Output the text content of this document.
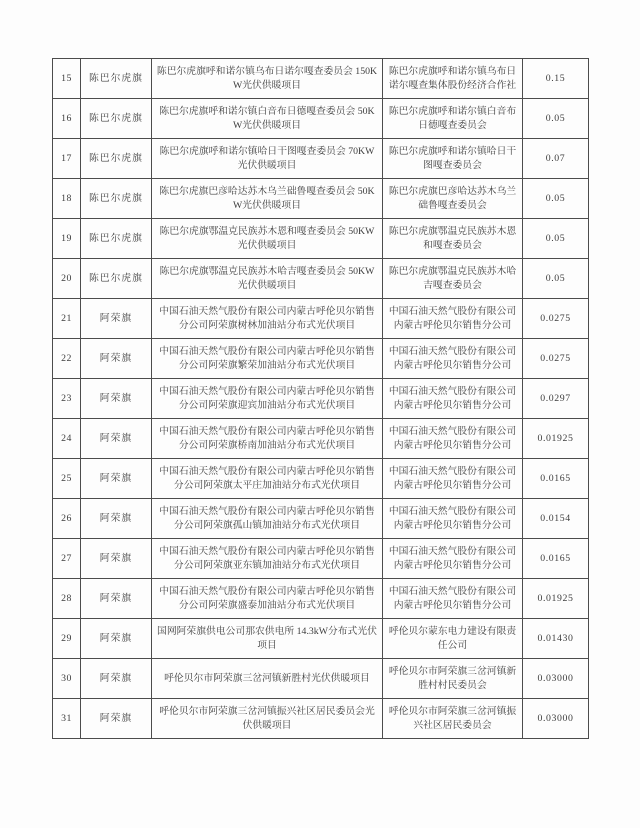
15	陈巴尔虎旗	陈巴尔虎旗呼和诺尔镇乌布日诺尔嘎查委员会 150KW光伏供暖项目	陈巴尔虎旗呼和诺尔镇乌布日诺尔嘎查集体股份经济合作社	0.15
16	陈巴尔虎旗	陈巴尔虎旗呼和诺尔镇白音布日德嘎查委员会 50KW光伏供暖项目	陈巴尔虎旗呼和诺尔镇白音布日德嘎查委员会	0.05
17	陈巴尔虎旗	陈巴尔虎旗呼和诺尔镇哈日干图嘎查委员会 70KW光伏供暖项目	陈巴尔虎旗呼和诺尔镇哈日干图嘎查委员会	0.07
18	陈巴尔虎旗	陈巴尔虎旗巴彦哈达苏木乌兰础鲁嘎查委员会 50KW光伏供暖项目	陈巴尔虎旗巴彦哈达苏木乌兰础鲁嘎查委员会	0.05
19	陈巴尔虎旗	陈巴尔虎旗鄂温克民族苏木恩和嘎查委员会 50KW光伏供暖项目	陈巴尔虎旗鄂温克民族苏木恩和嘎查委员会	0.05
20	陈巴尔虎旗	陈巴尔虎旗鄂温克民族苏木哈吉嘎查委员会 50KW光伏供暖项目	陈巴尔虎旗鄂温克民族苏木哈吉嘎查委员会	0.05
21	阿荣旗	中国石油天然气股份有限公司内蒙古呼伦贝尔销售分公司阿荣旗树林加油站分布式光伏项目	中国石油天然气股份有限公司内蒙古呼伦贝尔销售分公司	0.0275
22	阿荣旗	中国石油天然气股份有限公司内蒙古呼伦贝尔销售分公司阿荣旗繁荣加油站分布式光伏项目	中国石油天然气股份有限公司内蒙古呼伦贝尔销售分公司	0.0275
23	阿荣旗	中国石油天然气股份有限公司内蒙古呼伦贝尔销售分公司阿荣旗迎宾加油站分布式光伏项目	中国石油天然气股份有限公司内蒙古呼伦贝尔销售分公司	0.0297
24	阿荣旗	中国石油天然气股份有限公司内蒙古呼伦贝尔销售分公司阿荣旗桥南加油站分布式光伏项目	中国石油天然气股份有限公司内蒙古呼伦贝尔销售分公司	0.01925
25	阿荣旗	中国石油天然气股份有限公司内蒙古呼伦贝尔销售分公司阿荣旗太平庄加油站分布式光伏项目	中国石油天然气股份有限公司内蒙古呼伦贝尔销售分公司	0.0165
26	阿荣旗	中国石油天然气股份有限公司内蒙古呼伦贝尔销售分公司阿荣旗孤山镇加油站分布式光伏项目	中国石油天然气股份有限公司内蒙古呼伦贝尔销售分公司	0.0154
27	阿荣旗	中国石油天然气股份有限公司内蒙古呼伦贝尔销售分公司阿荣旗亚东镇加油站分布式光伏项目	中国石油天然气股份有限公司内蒙古呼伦贝尔销售分公司	0.0165
28	阿荣旗	中国石油天然气股份有限公司内蒙古呼伦贝尔销售分公司阿荣旗盛泰加油站分布式光伏项目	中国石油天然气股份有限公司内蒙古呼伦贝尔销售分公司	0.01925
29	阿荣旗	国网阿荣旗供电公司那农供电所 14.3kW分布式光伏项目	呼伦贝尔蒙东电力建设有限责任公司	0.01430
30	阿荣旗	呼伦贝尔市阿荣旗三岔河镇新胜村光伏供暖项目	呼伦贝尔市阿荣旗三岔河镇新胜村村民委员会	0.03000
31	阿荣旗	呼伦贝尔市阿荣旗三岔河镇振兴社区居民委员会光伏供暖项目	呼伦贝尔市阿荣旗三岔河镇振兴社区居民委员会	0.03000
